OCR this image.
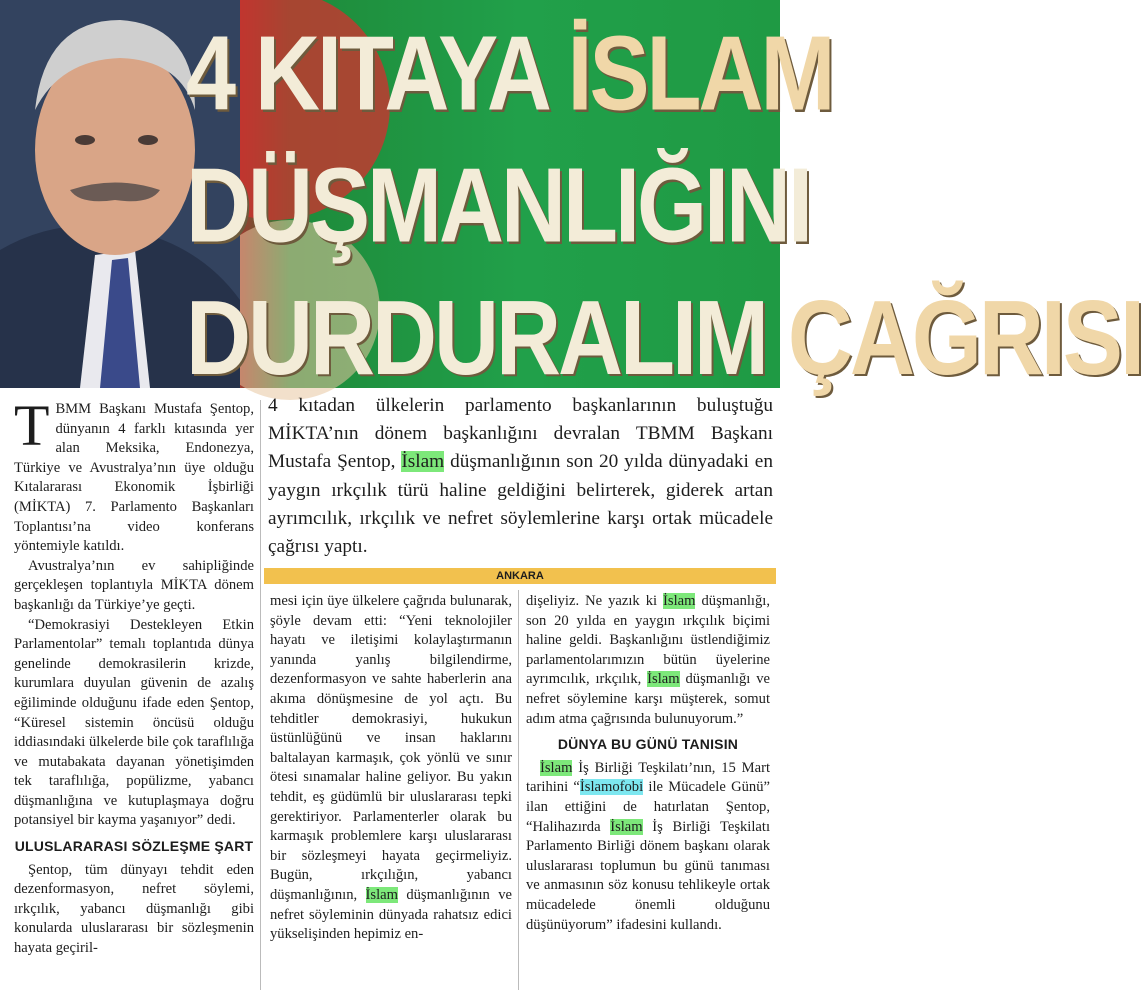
4 KITAYA İSLAM
DÜŞMANLIĞINI
DURDURALIM ÇAĞRISI

TBMM Başkanı Mustafa Şentop, dünyanın 4 farklı kıtasında yer alan Meksika, Endonezya, Türkiye ve Avustralya’nın üye olduğu Kıtalararası Ekonomik İşbirliği (MİKTA) 7. Parlamento Başkanları Toplantısı’na video konferans yöntemiyle katıldı.

Avustralya’nın ev sahipliğinde gerçekleşen toplantıyla MİKTA dönem başkanlığı da Türkiye’ye geçti.

“Demokrasiyi Destekleyen Etkin Parlamentolar” temalı toplantıda dünya genelinde demokrasilerin krizde, kurumlara duyulan güvenin de azalış eğiliminde olduğunu ifade eden Şentop, “Küresel sistemin öncüsü olduğu iddiasındaki ülkelerde bile çok taraflılığa ve mutabakata dayanan yönetişimden tek taraflılığa, popülizme, yabancı düşmanlığına ve kutuplaşmaya doğru potansiyel bir kayma yaşanıyor” dedi.

ULUSLARARASI SÖZLEŞME ŞART

Şentop, tüm dünyayı tehdit eden dezenformasyon, nefret söylemi, ırkçılık, yabancı düşmanlığı gibi konularda uluslararası bir sözleşmenin hayata geçiril-

4 kıtadan ülkelerin parlamento başkanlarının buluştuğu MİKTA’nın dönem başkanlığını devralan TBMM Başkanı Mustafa Şentop, İslam düşmanlığının son 20 yılda dünyadaki en yaygın ırkçılık türü haline geldiğini belirterek, giderek artan ayrımcılık, ırkçılık ve nefret söylemlerine karşı ortak mücadele çağrısı yaptı.
ANKARA

mesi için üye ülkelere çağrıda bulunarak, şöyle devam etti: “Yeni teknolojiler hayatı ve iletişimi kolaylaştırmanın yanında yanlış bilgilendirme, dezenformasyon ve sahte haberlerin ana akıma dönüşmesine de yol açtı. Bu tehditler demokrasiyi, hukukun üstünlüğünü ve insan haklarını baltalayan karmaşık, çok yönlü ve sınır ötesi sınamalar haline geliyor. Bu yakın tehdit, eş güdümlü bir uluslararası tepki gerektiriyor. Parlamenterler olarak bu karmaşık problemlere karşı uluslararası bir sözleşmeyi hayata geçirmeliyiz. Bugün, ırkçılığın, yabancı düşmanlığının, İslam düşmanlığının ve nefret söyleminin dünyada rahatsız edici yükselişinden hepimiz en-

dişeliyiz. Ne yazık ki İslam düşmanlığı, son 20 yılda en yaygın ırkçılık biçimi haline geldi. Başkanlığını üstlendiğimiz parlamentolarımızın bütün üyelerine ayrımcılık, ırkçılık, İslam düşmanlığı ve nefret söylemine karşı müşterek, somut adım atma çağrısında bulunuyorum.”

DÜNYA BU GÜNÜ TANISIN

İslam İş Birliği Teşkilatı’nın, 15 Mart tarihini “İslamofobi ile Mücadele Günü” ilan ettiğini de hatırlatan Şentop, “Halihazırda İslam İş Birliği Teşkilatı Parlamento Birliği dönem başkanı olarak uluslararası toplumun bu günü tanıması ve anmasının söz konusu tehlikeyle ortak mücadelede önemli olduğunu düşünüyorum” ifadesini kullandı.
